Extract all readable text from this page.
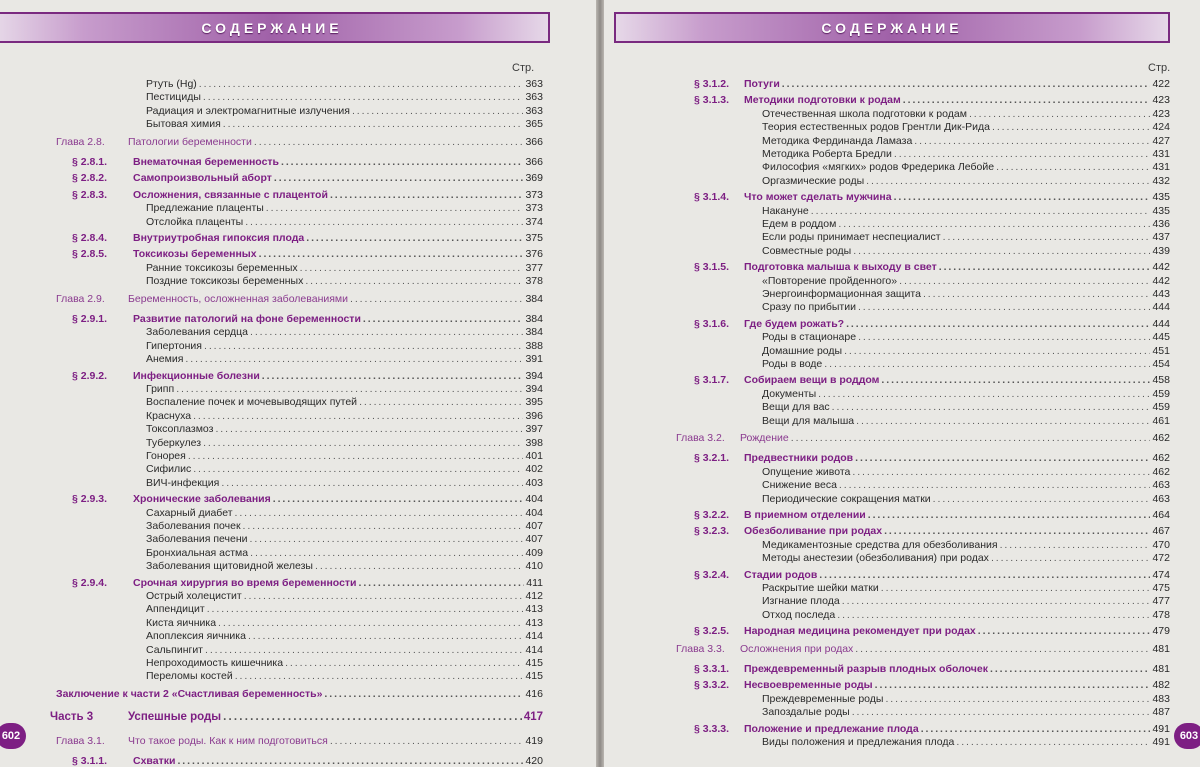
СОДЕРЖАНИЕ
Стр.
Ртуть (Hg) . . .	363
Пестициды . . .	363
Радиация и электромагнитные излучения . . .	363
Бытовая химия . . .	365
Глава 2.8. Патологии беременности . . .	366
§ 2.8.1. Внематочная беременность . . .	366
§ 2.8.2. Самопроизвольный аборт . . .	369
§ 2.8.3. Осложнения, связанные с плацентой . . .	373
Предлежание плаценты . . .	373
Отслойка плаценты . . .	374
§ 2.8.4. Внутриутробная гипоксия плода . . .	375
§ 2.8.5. Токсикозы беременных . . .	376
Ранние токсикозы беременных . . .	377
Поздние токсикозы беременных . . .	378
Глава 2.9. Беременность, осложненная заболеваниями . . .	384
§ 2.9.1. Развитие патологий на фоне беременности . . .	384
Заболевания сердца . . .	384
Гипертония . . .	388
Анемия . . .	391
§ 2.9.2. Инфекционные болезни . . .	394
Грипп . . .	394
Воспаление почек и мочевыводящих путей . . .	395
Краснуха . . .	396
Токсоплазмоз . . .	397
Туберкулез . . .	398
Гонорея . . .	401
Сифилис . . .	402
ВИЧ-инфекция . . .	403
§ 2.9.3. Хронические заболевания . . .	404
Сахарный диабет . . .	404
Заболевания почек . . .	407
Заболевания печени . . .	407
Бронхиальная астма . . .	409
Заболевания щитовидной железы . . .	410
§ 2.9.4. Срочная хирургия во время беременности . . .	411
Острый холецистит . . .	412
Аппендицит . . .	413
Киста яичника . . .	413
Апоплексия яичника . . .	414
Сальпингит . . .	414
Непроходимость кишечника . . .	415
Переломы костей . . .	415
Заключение к части 2 «Счастливая беременность» . . .	416
Часть 3	Успешные роды . . .	417
Глава 3.1. Что такое роды. Как к ним подготовиться . . .	419
§ 3.1.1. Схватки . . .	420
602
СОДЕРЖАНИЕ
Стр.
§ 3.1.2. Потуги . . .	422
§ 3.1.3. Методики подготовки к родам . . .	423
Отечественная школа подготовки к родам . . .	423
Теория естественных родов Грентли Дик-Рида . . .	424
Методика Фердинанда Ламаза . . .	427
Методика Роберта Бредли . . .	431
Философия «мягких» родов Фредерика Лебойе . . .	431
Оргазмические роды . . .	432
§ 3.1.4. Что может сделать мужчина . . .	435
Накануне . . .	435
Едем в роддом . . .	436
Если роды принимает неспециалист . . .	437
Совместные роды . . .	439
§ 3.1.5. Подготовка малыша к выходу в свет . . .	442
«Повторение пройденного» . . .	442
Энергоинформационная защита . . .	443
Сразу по прибытии . . .	444
§ 3.1.6. Где будем рожать? . . .	444
Роды в стационаре . . .	445
Домашние роды . . .	451
Роды в воде . . .	454
§ 3.1.7. Собираем вещи в роддом . . .	458
Документы . . .	459
Вещи для вас . . .	459
Вещи для малыша . . .	461
Глава 3.2. Рождение . . .	462
§ 3.2.1. Предвестники родов . . .	462
Опущение живота . . .	462
Снижение веса . . .	463
Периодические сокращения матки . . .	463
§ 3.2.2. В приемном отделении . . .	464
§ 3.2.3. Обезболивание при родах . . .	467
Медикаментозные средства для обезболивания . . .	470
Методы анестезии (обезболивания) при родах . . .	472
§ 3.2.4. Стадии родов . . .	474
Раскрытие шейки матки . . .	475
Изгнание плода . . .	477
Отход последа . . .	478
§ 3.2.5. Народная медицина рекомендует при родах . . .	479
Глава 3.3. Осложнения при родах . . .	481
§ 3.3.1. Преждевременный разрыв плодных оболочек . . .	481
§ 3.3.2. Несвоевременные роды . . .	482
Преждевременные роды . . .	483
Запоздалые роды . . .	487
§ 3.3.3. Положение и предлежание плода . . .	491
Виды положения и предлежания плода . . .	491 603
